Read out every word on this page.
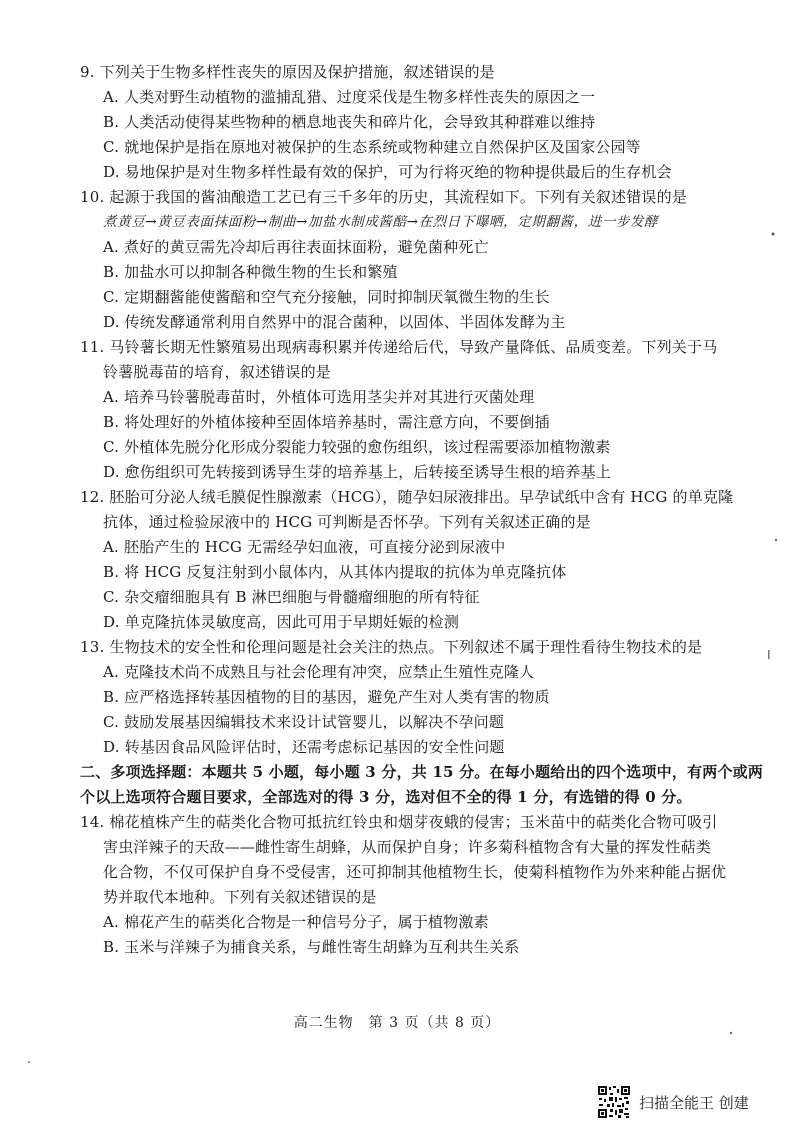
9. 下列关于生物多样性丧失的原因及保护措施，叙述错误的是
A. 人类对野生动植物的滥捕乱猎、过度采伐是生物多样性丧失的原因之一
B. 人类活动使得某些物种的栖息地丧失和碎片化，会导致其种群难以维持
C. 就地保护是指在原地对被保护的生态系统或物种建立自然保护区及国家公园等
D. 易地保护是对生物多样性最有效的保护，可为行将灭绝的物种提供最后的生存机会
10. 起源于我国的酱油酿造工艺已有三千多年的历史，其流程如下。下列有关叙述错误的是
煮黄豆→黄豆表面抹面粉→制曲→加盐水制成酱醅→在烈日下曝晒，定期翻酱，进一步发酵
A. 煮好的黄豆需先冷却后再往表面抹面粉，避免菌种死亡
B. 加盐水可以抑制各种微生物的生长和繁殖
C. 定期翻酱能使酱醅和空气充分接触，同时抑制厌氧微生物的生长
D. 传统发酵通常利用自然界中的混合菌种，以固体、半固体发酵为主
11. 马铃薯长期无性繁殖易出现病毒积累并传递给后代，导致产量降低、品质变差。下列关于马
铃薯脱毒苗的培育，叙述错误的是
A. 培养马铃薯脱毒苗时，外植体可选用茎尖并对其进行灭菌处理
B. 将处理好的外植体接种至固体培养基时，需注意方向，不要倒插
C. 外植体先脱分化形成分裂能力较强的愈伤组织，该过程需要添加植物激素
D. 愈伤组织可先转接到诱导生芽的培养基上，后转接至诱导生根的培养基上
12. 胚胎可分泌人绒毛膜促性腺激素（HCG），随孕妇尿液排出。早孕试纸中含有 HCG 的单克隆
抗体，通过检验尿液中的 HCG 可判断是否怀孕。下列有关叙述正确的是
A. 胚胎产生的 HCG 无需经孕妇血液，可直接分泌到尿液中
B. 将 HCG 反复注射到小鼠体内，从其体内提取的抗体为单克隆抗体
C. 杂交瘤细胞具有 B 淋巴细胞与骨髓瘤细胞的所有特征
D. 单克隆抗体灵敏度高，因此可用于早期妊娠的检测
13. 生物技术的安全性和伦理问题是社会关注的热点。下列叙述不属于理性看待生物技术的是
A. 克隆技术尚不成熟且与社会伦理有冲突，应禁止生殖性克隆人
B. 应严格选择转基因植物的目的基因，避免产生对人类有害的物质
C. 鼓励发展基因编辑技术来设计试管婴儿，以解决不孕问题
D. 转基因食品风险评估时，还需考虑标记基因的安全性问题
二、多项选择题：本题共 5 小题，每小题 3 分，共 15 分。在每小题给出的四个选项中，有两个或两
个以上选项符合题目要求，全部选对的得 3 分，选对但不全的得 1 分，有选错的得 0 分。
14. 棉花植株产生的萜类化合物可抵抗红铃虫和烟芽夜蛾的侵害；玉米苗中的萜类化合物可吸引
害虫洋辣子的天敌——雌性寄生胡蜂，从而保护自身；许多菊科植物含有大量的挥发性萜类
化合物，不仅可保护自身不受侵害，还可抑制其他植物生长，使菊科植物作为外来种能占据优
势并取代本地种。下列有关叙述错误的是
A. 棉花产生的萜类化合物是一种信号分子，属于植物激素
B. 玉米与洋辣子为捕食关系，与雌性寄生胡蜂为互利共生关系
高二生物　第 3 页（共 8 页）
扫描全能王 创建
